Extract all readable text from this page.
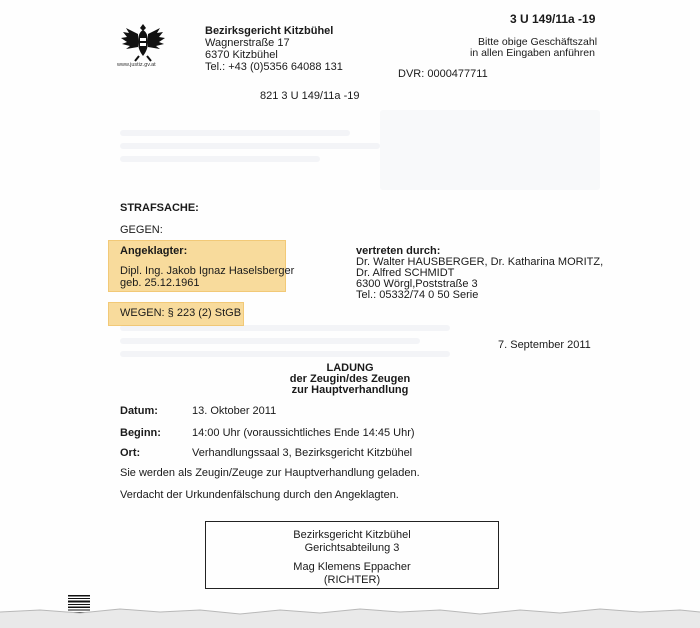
www.justiz.gv.at
Bezirksgericht Kitzbühel
Wagnerstraße 17
6370 Kitzbühel
Tel.: +43 (0)5356 64088 131
3 U 149/11a -19
Bitte obige Geschäftszahl
in allen Eingaben anführen
DVR: 0000477711
821 3 U 149/11a -19
STRAFSACHE:
GEGEN:
Angeklagter:
Dipl. Ing. Jakob Ignaz Haselsberger
geb. 25.12.1961
vertreten durch:
Dr. Walter HAUSBERGER, Dr. Katharina MORITZ,
Dr. Alfred SCHMIDT
6300 Wörgl,Poststraße 3
Tel.: 05332/74 0 50 Serie
WEGEN: § 223 (2) StGB
7. September 2011
LADUNG
der Zeugin/des Zeugen
zur Hauptverhandlung
Datum:	13. Oktober 2011
Beginn:	14:00 Uhr (voraussichtliches Ende 14:45 Uhr)
Ort:	Verhandlungssaal 3, Bezirksgericht Kitzbühel
Sie werden als Zeugin/Zeuge zur Hauptverhandlung geladen.
Verdacht der Urkundenfälschung durch den Angeklagten.
Bezirksgericht Kitzbühel
Gerichtsabteilung 3
Mag Klemens Eppacher
(RICHTER)
